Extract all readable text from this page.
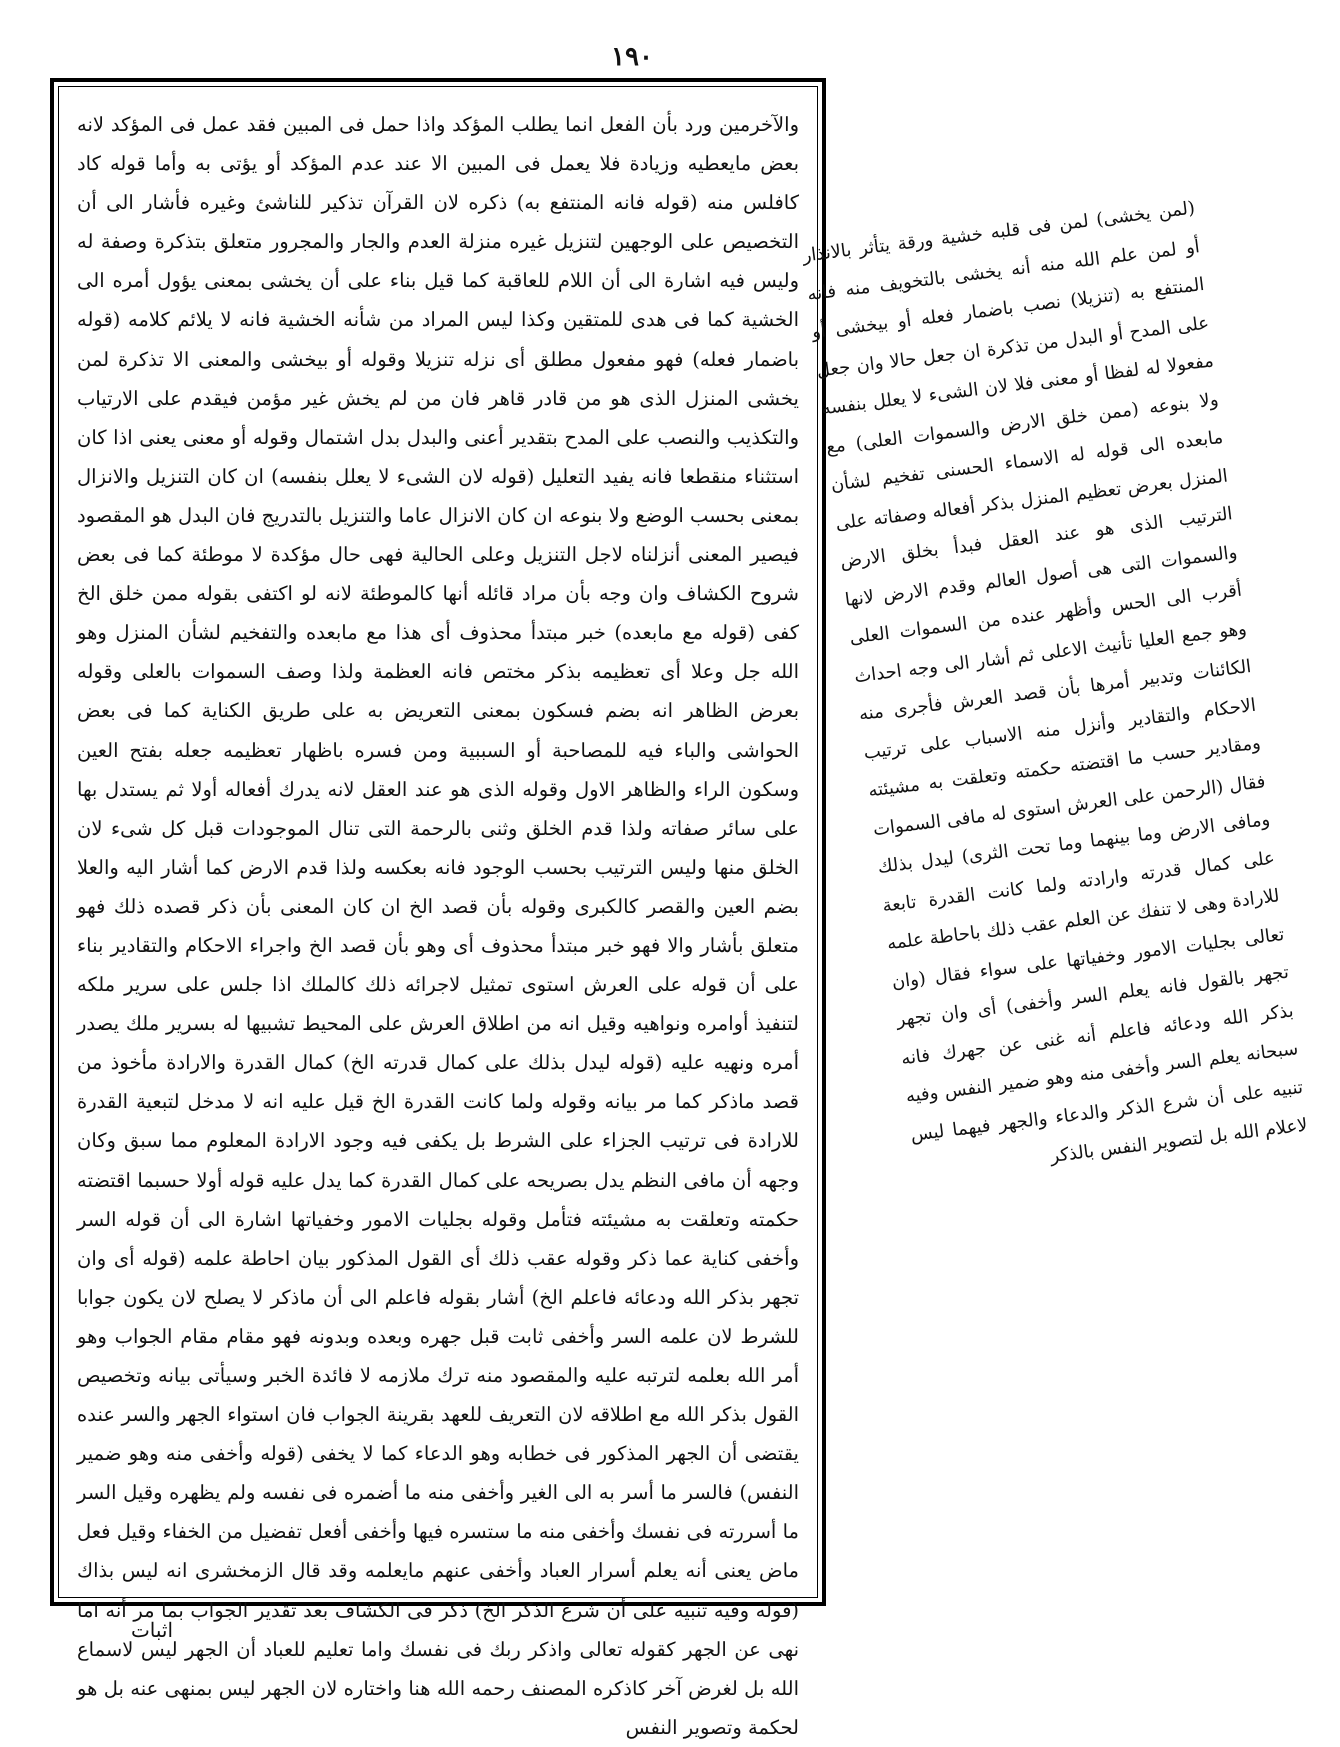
١٩٠

والآخرمين ورد بأن الفعل انما يطلب المؤكد واذا حمل فى المبين فقد عمل فى المؤكد لانه بعض مايعطيه وزيادة فلا يعمل فى المبين الا عند عدم المؤكد أو يؤتى به وأما قوله كاد كافلس منه (قوله فانه المنتفع به) ذكره لان القرآن تذكير للناشئ وغيره فأشار الى أن التخصيص على الوجهين لتنزيل غيره منزلة العدم والجار والمجرور متعلق بتذكرة وصفة له وليس فيه اشارة الى أن اللام للعاقبة كما قيل بناء على أن يخشى بمعنى يؤول أمره الى الخشية كما فى هدى للمتقين وكذا ليس المراد من شأنه الخشية فانه لا يلائم كلامه (قوله باضمار فعله) فهو مفعول مطلق أى نزله تنزيلا وقوله أو بيخشى والمعنى الا تذكرة لمن يخشى المنزل الذى هو من قادر قاهر فان من لم يخش غير مؤمن فيقدم على الارتياب والتكذيب والنصب على المدح بتقدير أعنى والبدل بدل اشتمال وقوله أو معنى يعنى اذا كان استثناء منقطعا فانه يفيد التعليل (قوله لان الشىء لا يعلل بنفسه) ان كان التنزيل والانزال بمعنى بحسب الوضع ولا بنوعه ان كان الانزال عاما والتنزيل بالتدريج فان البدل هو المقصود فيصير المعنى أنزلناه لاجل التنزيل وعلى الحالية فهى حال مؤكدة لا موطئة كما فى بعض شروح الكشاف وان وجه بأن مراد قائله أنها كالموطئة لانه لو اكتفى بقوله ممن خلق الخ كفى (قوله مع مابعده) خبر مبتدأ محذوف أى هذا مع مابعده والتفخيم لشأن المنزل وهو الله جل وعلا أى تعظيمه بذكر مختص فانه العظمة ولذا وصف السموات بالعلى وقوله بعرض الظاهر انه بضم فسكون بمعنى التعريض به على طريق الكناية كما فى بعض الحواشى والباء فيه للمصاحبة أو السببية ومن فسره باظهار تعظيمه جعله بفتح العين وسكون الراء والظاهر الاول وقوله الذى هو عند العقل لانه يدرك أفعاله أولا ثم يستدل بها على سائر صفاته ولذا قدم الخلق وثنى بالرحمة التى تنال الموجودات قبل كل شىء لان الخلق منها وليس الترتيب بحسب الوجود فانه بعكسه ولذا قدم الارض كما أشار اليه والعلا بضم العين والقصر كالكبرى وقوله بأن قصد الخ ان كان المعنى بأن ذكر قصده ذلك فهو متعلق بأشار والا فهو خبر مبتدأ محذوف أى وهو بأن قصد الخ واجراء الاحكام والتقادير بناء على أن قوله على العرش استوى تمثيل لاجرائه ذلك كالملك اذا جلس على سرير ملكه لتنفيذ أوامره ونواهيه وقيل انه من اطلاق العرش على المحيط تشبيها له بسرير ملك يصدر أمره ونهيه عليه (قوله ليدل بذلك على كمال قدرته الخ) كمال القدرة والارادة مأخوذ من قصد ماذكر كما مر بيانه وقوله ولما كانت القدرة الخ قيل عليه انه لا مدخل لتبعية القدرة للارادة فى ترتيب الجزاء على الشرط بل يكفى فيه وجود الارادة المعلوم مما سبق وكان وجهه أن مافى النظم يدل بصريحه على كمال القدرة كما يدل عليه قوله أولا حسبما اقتضته حكمته وتعلقت به مشيئته فتأمل وقوله بجليات الامور وخفياتها اشارة الى أن قوله السر وأخفى كناية عما ذكر وقوله عقب ذلك أى القول المذكور بيان احاطة علمه (قوله أى وان تجهر بذكر الله ودعائه فاعلم الخ) أشار بقوله فاعلم الى أن ماذكر لا يصلح لان يكون جوابا للشرط لان علمه السر وأخفى ثابت قبل جهره وبعده وبدونه فهو مقام مقام الجواب وهو أمر الله بعلمه لترتبه عليه والمقصود منه ترك ملازمه لا فائدة الخبر وسيأتى بيانه وتخصيص القول بذكر الله مع اطلاقه لان التعريف للعهد بقرينة الجواب فان استواء الجهر والسر عنده يقتضى أن الجهر المذكور فى خطابه وهو الدعاء كما لا يخفى (قوله وأخفى منه وهو ضمير النفس) فالسر ما أسر به الى الغير وأخفى منه ما أضمره فى نفسه ولم يظهره وقيل السر ما أسررته فى نفسك وأخفى منه ما ستسره فيها وأخفى أفعل تفضيل من الخفاء وقيل فعل ماض يعنى أنه يعلم أسرار العباد وأخفى عنهم مايعلمه وقد قال الزمخشرى انه ليس بذاك (قوله وفيه تنبيه على أن شرع الذكر الخ) ذكر فى الكشاف بعد تقدير الجواب بما مر أنه اما نهى عن الجهر كقوله تعالى واذكر ربك فى نفسك واما تعليم للعباد أن الجهر ليس لاسماع الله بل لغرض آخر كاذكره المصنف رحمه الله هنا واختاره لان الجهر ليس بمنهى عنه بل هو لحكمة وتصوير النفس

(لمن يخشى) لمن فى قلبه خشية ورقة يتأثر بالانذار أو لمن علم الله منه أنه يخشى بالتخويف منه فانه المنتفع به (تنزيلا) نصب باضمار فعله أو بيخشى أو على المدح أو البدل من تذكرة ان جعل حالا وان جعل مفعولا له لفظا أو معنى فلا لان الشىء لا يعلل بنفسه ولا بنوعه (ممن خلق الارض والسموات العلى) مع مابعده الى قوله له الاسماء الحسنى تفخيم لشأن المنزل بعرض تعظيم المنزل بذكر أفعاله وصفاته على الترتيب الذى هو عند العقل فبدأ بخلق الارض والسموات التى هى أصول العالم وقدم الارض لانها أقرب الى الحس وأظهر عنده من السموات العلى وهو جمع العليا تأنيث الاعلى ثم أشار الى وجه احداث الكائنات وتدبير أمرها بأن قصد العرش فأجرى منه الاحكام والتقادير وأنزل منه الاسباب على ترتيب ومقادير حسب ما اقتضته حكمته وتعلقت به مشيئته فقال (الرحمن على العرش استوى له مافى السموات ومافى الارض وما بينهما وما تحت الثرى) ليدل بذلك على كمال قدرته وارادته ولما كانت القدرة تابعة للارادة وهى لا تنفك عن العلم عقب ذلك باحاطة علمه تعالى بجليات الامور وخفياتها على سواء فقال (وان تجهر بالقول فانه يعلم السر وأخفى) أى وان تجهر بذكر الله ودعائه فاعلم أنه غنى عن جهرك فانه سبحانه يعلم السر وأخفى منه وهو ضمير النفس وفيه تنبيه على أن شرع الذكر والدعاء والجهر فيهما ليس لاعلام الله بل لتصوير النفس بالذكر

اثبات
